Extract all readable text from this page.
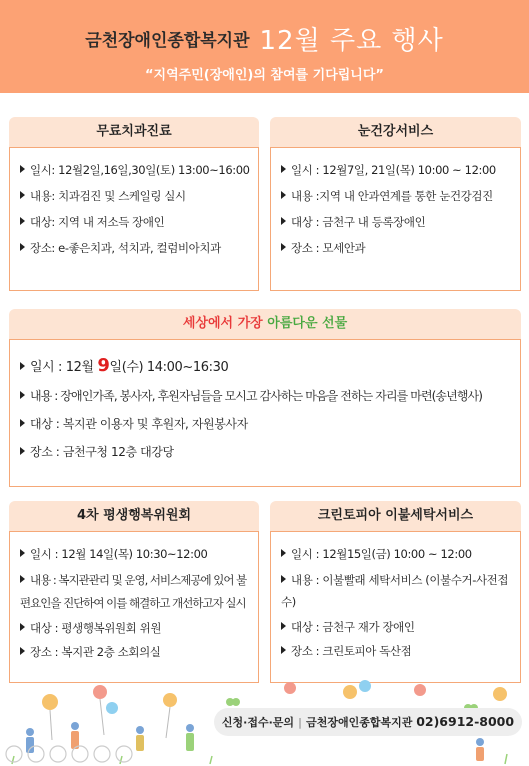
금천장애인종합복지관 12월 주요 행사
“지역주민(장애인)의 참여를 기다립니다”
무료치과진료
일시: 12월2일,16일,30일(토) 13:00~16:00
내용: 치과검진 및 스케일링 실시
대상: 지역 내 저소득 장애인
장소: e-좋은치과, 석치과, 컬럼비아치과
눈건강서비스
일시 : 12월7일, 21일(목) 10:00 ~ 12:00
내용 :지역 내 안과연계를 통한 눈건강검진
대상 : 금천구 내 등록장애인
장소 : 모세안과
세상에서 가장 아름다운 선물
일시 : 12월 9일(수) 14:00~16:30
내용 : 장애인가족, 봉사자, 후원자님들을 모시고 감사하는 마음을 전하는 자리를 마련(송년행사)
대상 : 복지관 이용자 및 후원자, 자원봉사자
장소 : 금천구청 12층 대강당
4차 평생행복위원회
일시 : 12월 14일(목) 10:30~12:00
내용 : 복지관관리 및 운영, 서비스제공에 있어 불편요인을 진단하여 이를 해결하고 개선하고자 실시
대상 : 평생행복위원회 위원
장소 : 복지관 2층 소회의실
크린토피아 이불세탁서비스
일시 : 12월15일(금) 10:00 ~ 12:00
내용 : 이불빨래 세탁서비스 (이불수거-사전접수)
대상 : 금천구 재가 장애인
장소 : 크린토피아 독산점
신청·접수·문의 | 금천장애인종합복지관 02)6912-8000
